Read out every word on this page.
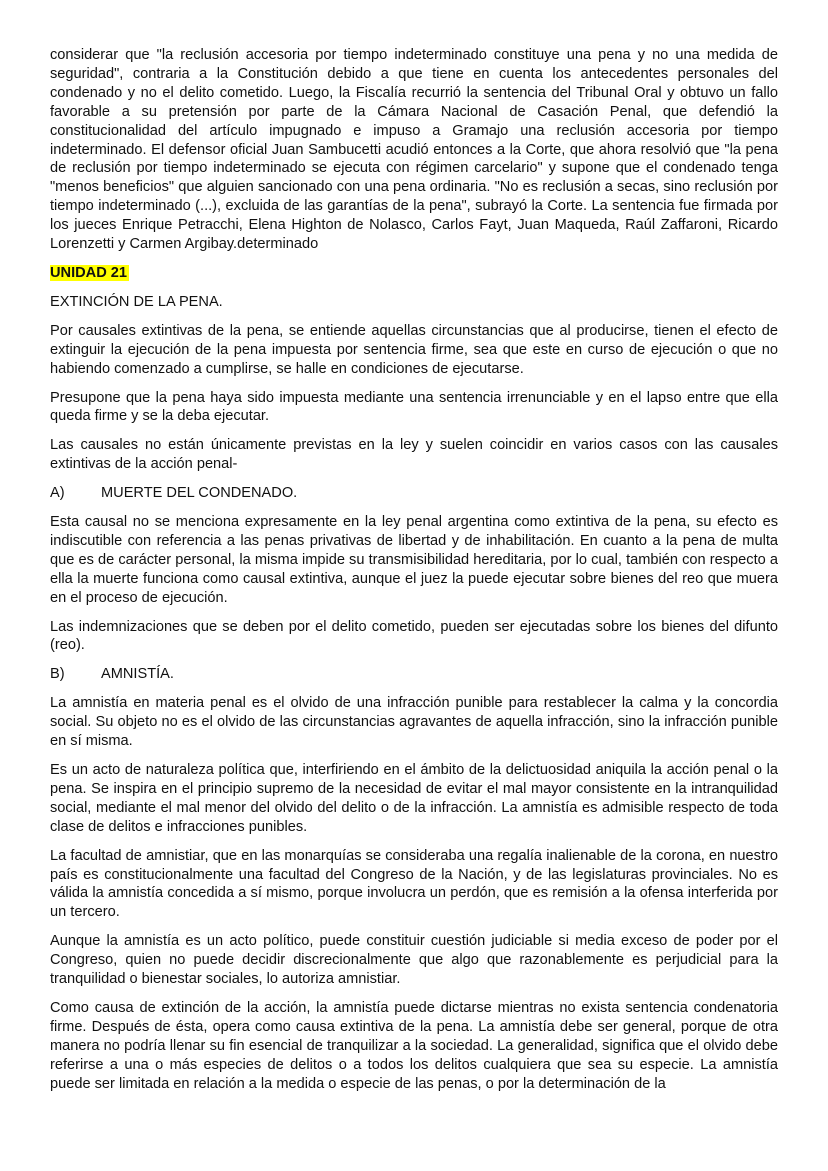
considerar que "la reclusión accesoria por tiempo indeterminado constituye una pena y no una medida de seguridad", contraria a la Constitución debido a que tiene en cuenta los antecedentes personales del condenado y no el delito cometido. Luego, la Fiscalía recurrió la sentencia del Tribunal Oral y obtuvo un fallo favorable a su pretensión por parte de la Cámara Nacional de Casación Penal, que defendió la constitucionalidad del artículo impugnado e impuso a Gramajo una reclusión accesoria por tiempo indeterminado. El defensor oficial Juan Sambucetti acudió entonces a la Corte, que ahora resolvió que "la pena de reclusión por tiempo indeterminado se ejecuta con régimen carcelario" y supone que el condenado tenga "menos beneficios" que alguien sancionado con una pena ordinaria. "No es reclusión a secas, sino reclusión por tiempo indeterminado (...), excluida de las garantías de la pena", subrayó la Corte. La sentencia fue firmada por los jueces Enrique Petracchi, Elena Highton de Nolasco, Carlos Fayt, Juan Maqueda, Raúl Zaffaroni, Ricardo Lorenzetti y Carmen Argibay.determinado

UNIDAD 21

EXTINCIÓN DE LA PENA.

Por causales extintivas de la pena, se entiende aquellas circunstancias que al producirse, tienen el efecto de extinguir la ejecución de la pena impuesta por sentencia firme, sea que este en curso de ejecución o que no habiendo comenzado a cumplirse, se halle en condiciones de ejecutarse.

Presupone que la pena haya sido impuesta mediante una sentencia irrenunciable y en el lapso entre que ella queda firme y se la deba ejecutar.

Las causales no están únicamente previstas en la ley y suelen coincidir en varios casos con las causales extintivas de la acción penal-

A)	MUERTE DEL CONDENADO.

Esta causal no se menciona expresamente en la ley penal argentina como extintiva de la pena, su efecto es indiscutible con referencia a las penas privativas de libertad y de inhabilitación. En cuanto a la pena de multa que es de carácter personal, la misma impide su transmisibilidad hereditaria, por lo cual, también con respecto a ella la muerte funciona como causal extintiva, aunque el juez la puede ejecutar sobre bienes del reo que muera en el proceso de ejecución.

Las indemnizaciones que se deben por el delito cometido, pueden ser ejecutadas sobre los bienes del difunto (reo).

B)	AMNISTÍA.

La amnistía en materia penal es el olvido de una infracción punible para restablecer la calma y la concordia social. Su objeto no es el olvido de las circunstancias agravantes de aquella infracción, sino la infracción punible en sí misma.

Es un acto de naturaleza política que, interfiriendo en el ámbito de la delictuosidad aniquila la acción penal o la pena. Se inspira en el principio supremo de la necesidad de evitar el mal mayor consistente en la intranquilidad social, mediante el mal menor del olvido del delito o de la infracción. La amnistía es admisible respecto de toda clase de delitos e infracciones punibles.

La facultad de amnistiar, que en las monarquías se consideraba una regalía inalienable de la corona, en nuestro país es constitucionalmente una facultad del Congreso de la Nación, y de las legislaturas provinciales. No es válida la amnistía concedida a sí mismo, porque involucra un perdón, que es remisión a la ofensa interferida por un tercero.

Aunque la amnistía es un acto político, puede constituir cuestión judiciable si media exceso de poder por el Congreso, quien no puede decidir discrecionalmente que algo que razonablemente es perjudicial para la tranquilidad o bienestar sociales, lo autoriza amnistiar.

Como causa de extinción de la acción, la amnistía puede dictarse mientras no exista sentencia condenatoria firme. Después de ésta, opera como causa extintiva de la pena. La amnistía debe ser general, porque de otra manera no podría llenar su fin esencial de tranquilizar a la sociedad. La generalidad, significa que el olvido debe referirse a una o más especies de delitos o a todos los delitos cualquiera que sea su especie. La amnistía puede ser limitada en relación a la medida o especie de las penas, o por la determinación de la
